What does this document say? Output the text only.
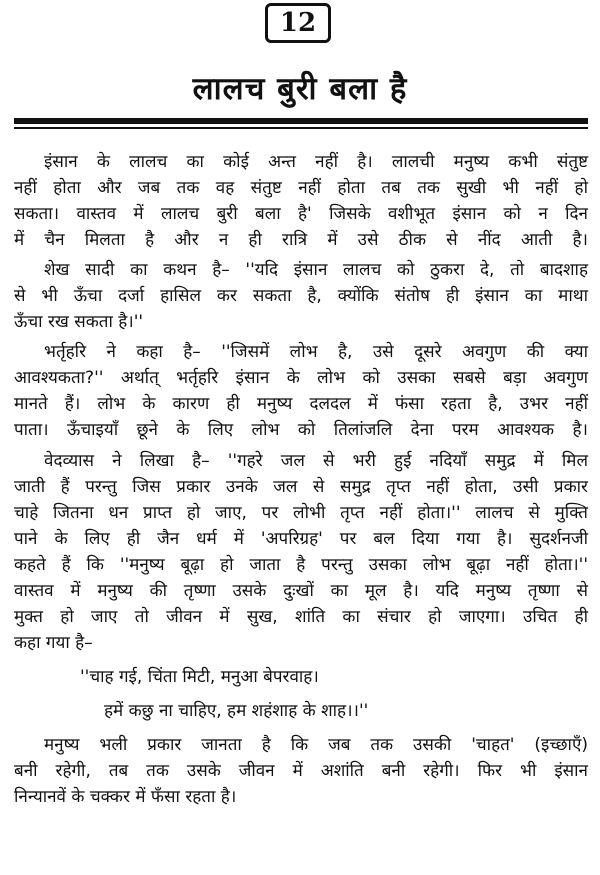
12
लालच बुरी बला है
इंसान के लालच का कोई अन्त नहीं है। लालची मनुष्य कभी संतुष्ट
नहीं होता और जब तक वह संतुष्ट नहीं होता तब तक सुखी भी नहीं हो
सकता। वास्तव में लालच बुरी बला है' जिसके वशीभूत इंसान को न दिन
में चैन मिलता है और न ही रात्रि में उसे ठीक से नींद आती है।
शेख सादी का कथन है– ''यदि इंसान लालच को ठुकरा दे, तो बादशाह
से भी ऊँचा दर्जा हासिल कर सकता है, क्योंकि संतोष ही इंसान का माथा
ऊँचा रख सकता है।''
भर्तृहरि ने कहा है– ''जिसमें लोभ है, उसे दूसरे अवगुण की क्या
आवश्यकता?'' अर्थात् भर्तृहरि इंसान के लोभ को उसका सबसे बड़ा अवगुण
मानते हैं। लोभ के कारण ही मनुष्य दलदल में फंसा रहता है, उभर नहीं
पाता। ऊँचाइयाँ छूने के लिए लोभ को तिलांजलि देना परम आवश्यक है।
वेदव्यास ने लिखा है– ''गहरे जल से भरी हुई नदियाँ समुद्र में मिल
जाती हैं परन्तु जिस प्रकार उनके जल से समुद्र तृप्त नहीं होता, उसी प्रकार
चाहे जितना धन प्राप्त हो जाए, पर लोभी तृप्त नहीं होता।'' लालच से मुक्ति
पाने के लिए ही जैन धर्म में 'अपरिग्रह' पर बल दिया गया है। सुदर्शनजी
कहते हैं कि ''मनुष्य बूढ़ा हो जाता है परन्तु उसका लोभ बूढ़ा नहीं होता।''
वास्तव में मनुष्य की तृष्णा उसके दुःखों का मूल है। यदि मनुष्य तृष्णा से
मुक्त हो जाए तो जीवन में सुख, शांति का संचार हो जाएगा। उचित ही
कहा गया है–
''चाह गई, चिंता मिटी, मनुआ बेपरवाह।
हमें कछु ना चाहिए, हम शहंशाह के शाह।।''
मनुष्य भली प्रकार जानता है कि जब तक उसकी 'चाहत' (इच्छाएँ)
बनी रहेगी, तब तक उसके जीवन में अशांति बनी रहेगी। फिर भी इंसान
निन्यानवें के चक्कर में फँसा रहता है।
